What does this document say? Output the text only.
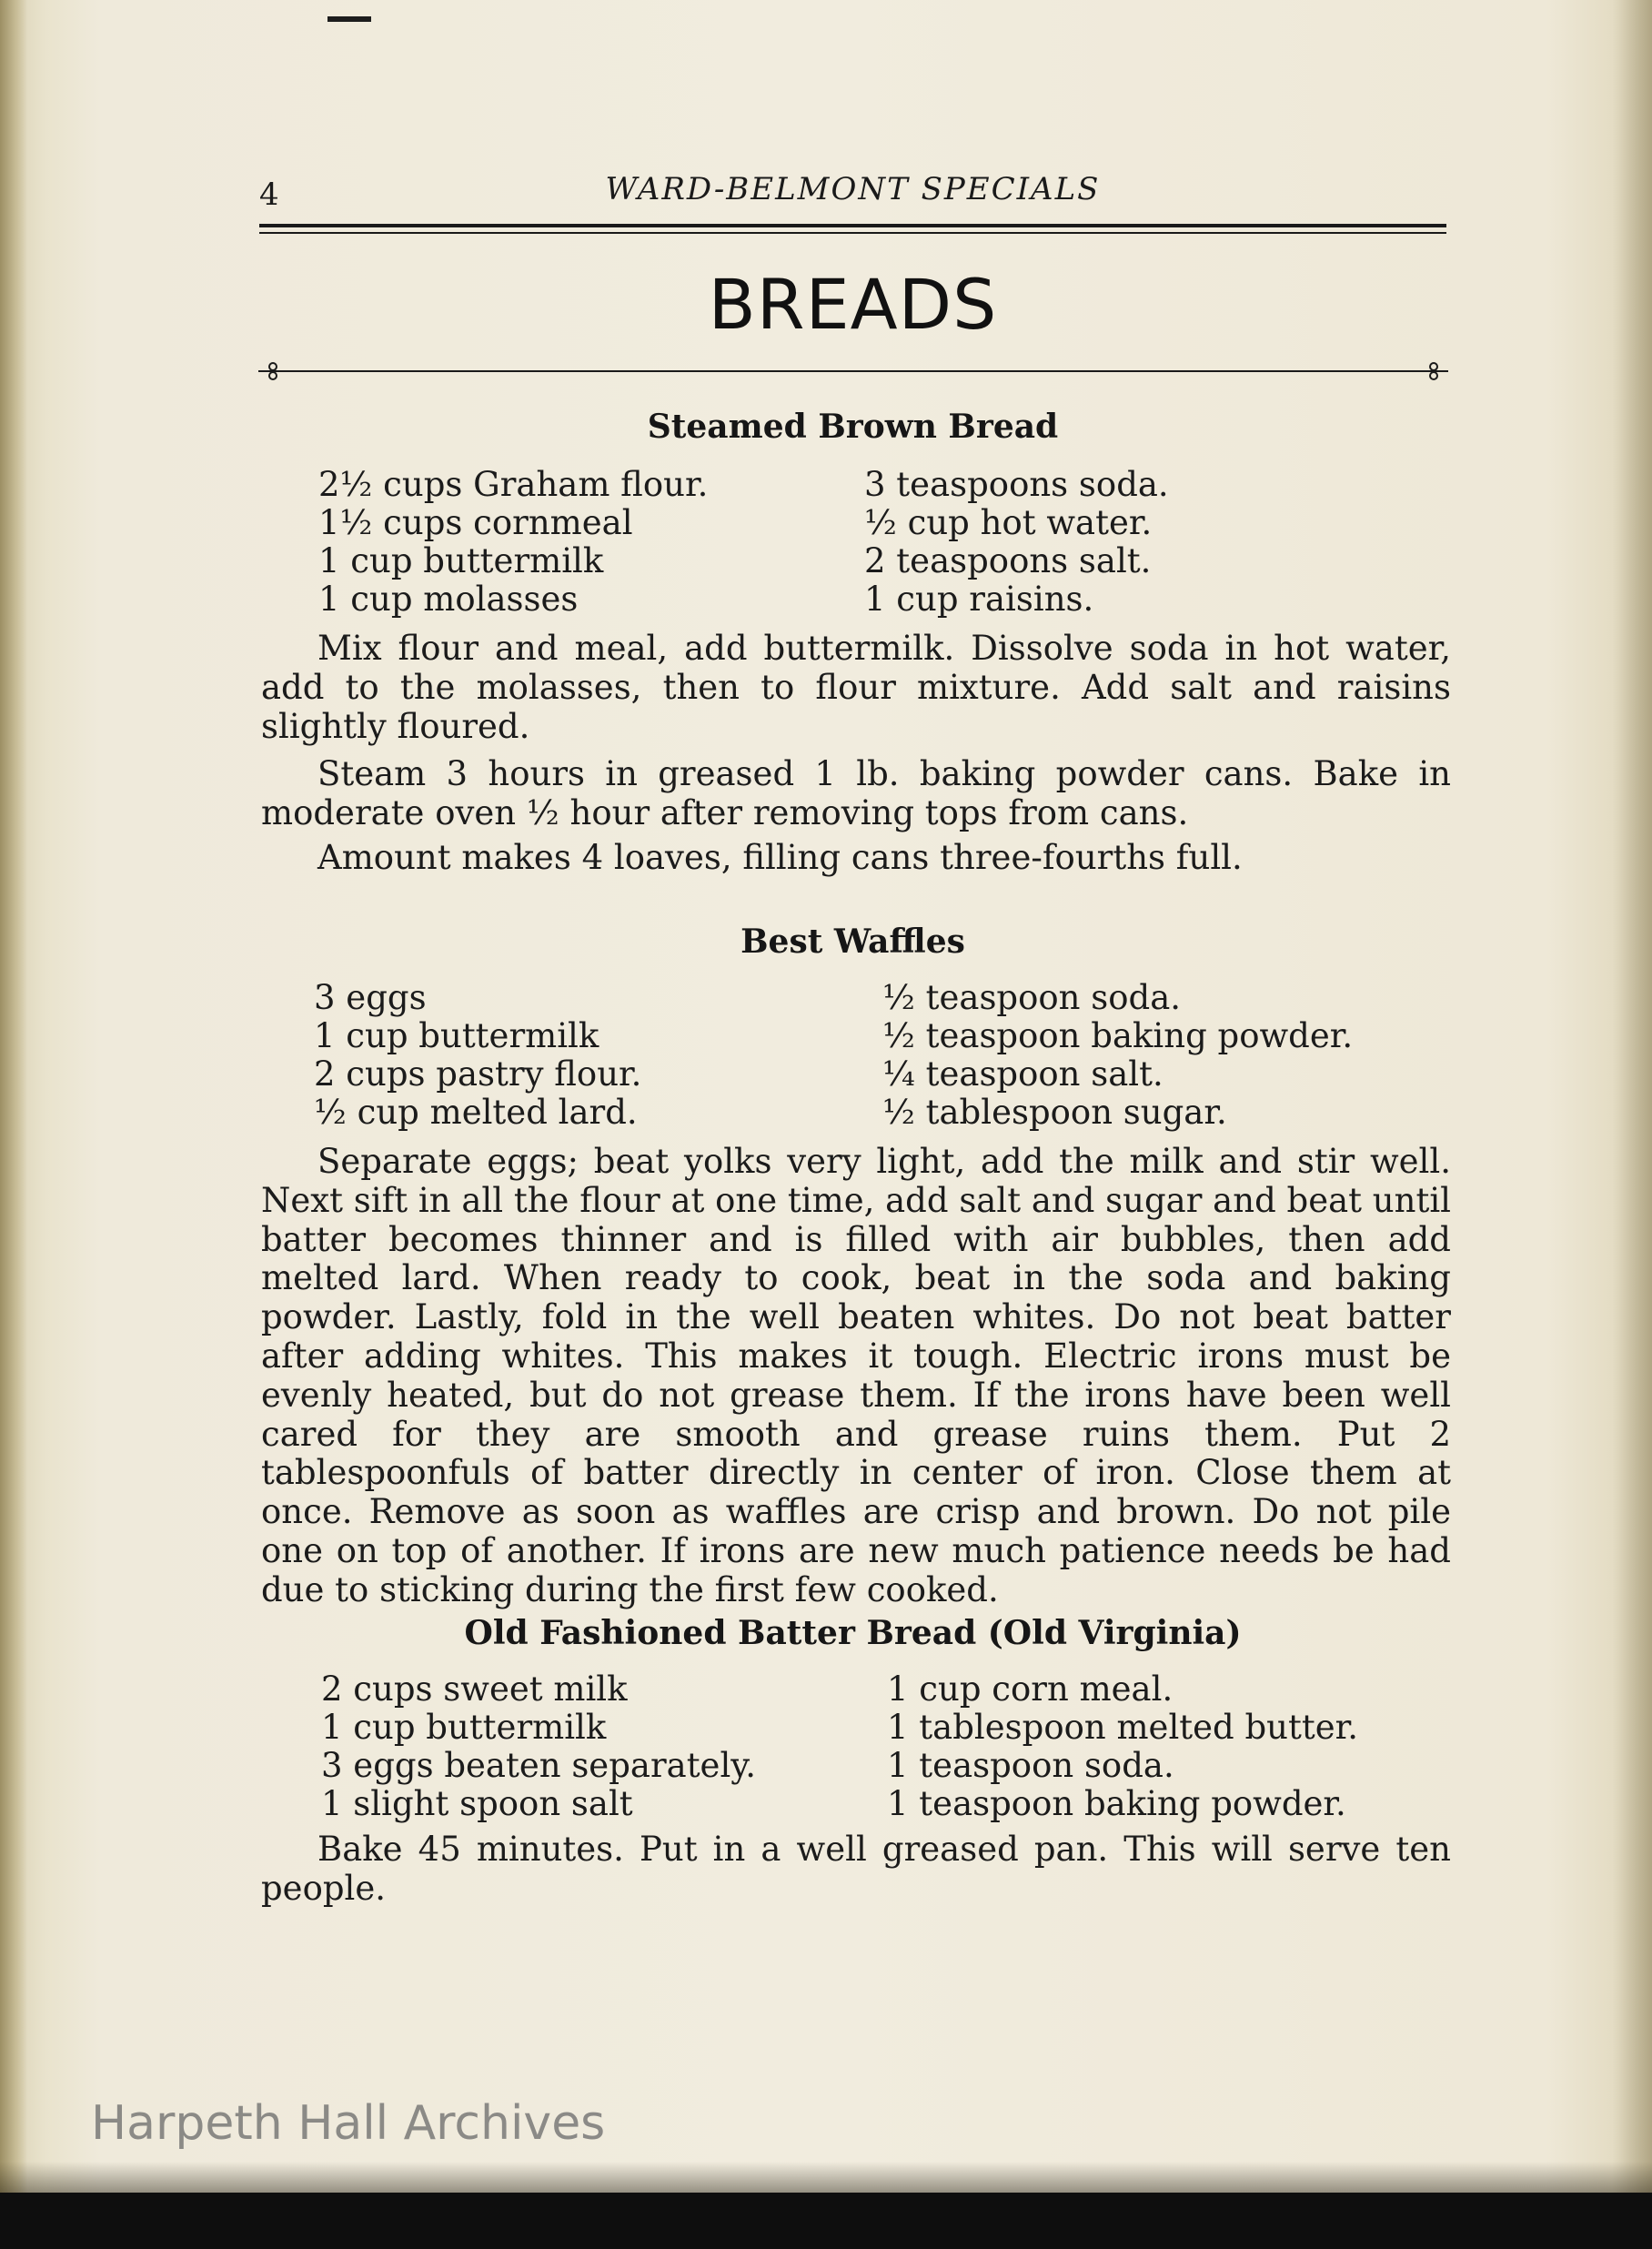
4	WARD-BELMONT SPECIALS
BREADS
Steamed Brown Bread
2½ cups Graham flour.
1½ cups cornmeal
1 cup buttermilk
1 cup molasses
3 teaspoons soda.
½ cup hot water.
2 teaspoons salt.
1 cup raisins.

Mix flour and meal, add buttermilk. Dissolve soda in hot water, add to the molasses, then to flour mixture. Add salt and raisins slightly floured.

Steam 3 hours in greased 1 lb. baking powder cans. Bake in moderate oven ½ hour after removing tops from cans.

Amount makes 4 loaves, filling cans three-fourths full.

Best Waffles
3 eggs
1 cup buttermilk
2 cups pastry flour.
½ cup melted lard.
½ teaspoon soda.
½ teaspoon baking powder.
¼ teaspoon salt.
½ tablespoon sugar.

Separate eggs; beat yolks very light, add the milk and stir well. Next sift in all the flour at one time, add salt and sugar and beat until batter becomes thinner and is filled with air bubbles, then add melted lard. When ready to cook, beat in the soda and baking powder. Lastly, fold in the well beaten whites. Do not beat batter after adding whites. This makes it tough. Electric irons must be evenly heated, but do not grease them. If the irons have been well cared for they are smooth and grease ruins them. Put 2 tablespoonfuls of batter directly in center of iron. Close them at once. Remove as soon as waffles are crisp and brown. Do not pile one on top of another. If irons are new much patience needs be had due to sticking during the first few cooked.

Old Fashioned Batter Bread (Old Virginia)
2 cups sweet milk
1 cup buttermilk
3 eggs beaten separately.
1 slight spoon salt
1 cup corn meal.
1 tablespoon melted butter.
1 teaspoon soda.
1 teaspoon baking powder.

Bake 45 minutes. Put in a well greased pan. This will serve ten people.

Harpeth Hall Archives
